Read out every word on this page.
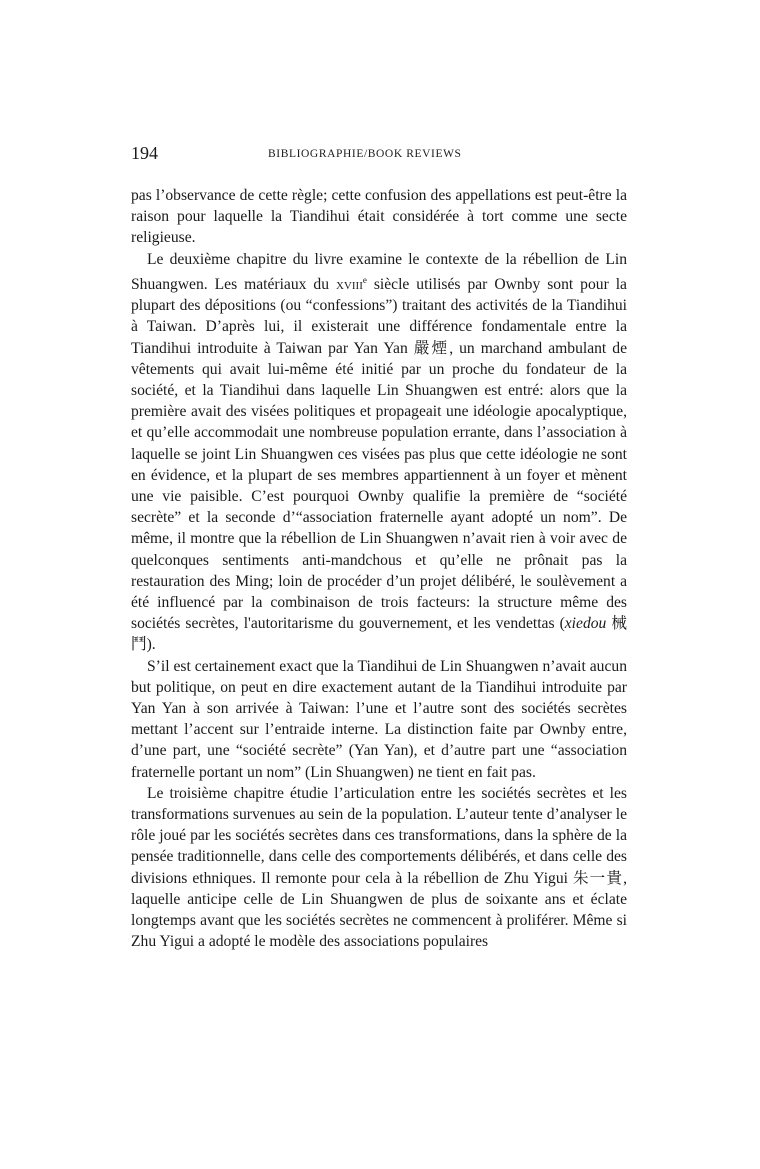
194	BIBLIOGRAPHIE/BOOK REVIEWS

pas l’observance de cette règle; cette confusion des appellations est peut-être la raison pour laquelle la Tiandihui était considérée à tort comme une secte religieuse.

Le deuxième chapitre du livre examine le contexte de la rébellion de Lin Shuangwen. Les matériaux du xviii$^e$ siècle utilisés par Ownby sont pour la plupart des dépositions (ou “confessions”) traitant des activités de la Tiandihui à Taiwan. D’après lui, il existerait une différence fondamentale entre la Tiandihui introduite à Taiwan par Yan Yan 嚴煙, un marchand ambulant de vêtements qui avait lui-même été initié par un proche du fondateur de la société, et la Tiandihui dans laquelle Lin Shuangwen est entré: alors que la première avait des visées politiques et propageait une idéologie apocalyptique, et qu’elle accommodait une nombreuse population errante, dans l’association à laquelle se joint Lin Shuangwen ces visées pas plus que cette idéologie ne sont en évidence, et la plupart de ses membres appartiennent à un foyer et mènent une vie paisible. C’est pourquoi Ownby qualifie la première de “société secrète” et la seconde d’“association fraternelle ayant adopté un nom”. De même, il montre que la rébellion de Lin Shuangwen n’avait rien à voir avec de quelconques sentiments anti-mandchous et qu’elle ne prônait pas la restauration des Ming; loin de procéder d’un projet délibéré, le soulèvement a été influencé par la combinaison de trois facteurs: la structure même des sociétés secrètes, l'autoritarisme du gouvernement, et les vendettas (xiedou 械鬥).

S’il est certainement exact que la Tiandihui de Lin Shuangwen n’avait aucun but politique, on peut en dire exactement autant de la Tiandihui introduite par Yan Yan à son arrivée à Taiwan: l’une et l’autre sont des sociétés secrètes mettant l’accent sur l’entraide interne. La distinction faite par Ownby entre, d’une part, une “société secrète” (Yan Yan), et d’autre part une “association fraternelle portant un nom” (Lin Shuangwen) ne tient en fait pas.

Le troisième chapitre étudie l’articulation entre les sociétés secrètes et les transformations survenues au sein de la population. L’auteur tente d’analyser le rôle joué par les sociétés secrètes dans ces transformations, dans la sphère de la pensée traditionnelle, dans celle des comportements délibérés, et dans celle des divisions ethniques. Il remonte pour cela à la rébellion de Zhu Yigui 朱一貴, laquelle anticipe celle de Lin Shuangwen de plus de soixante ans et éclate longtemps avant que les sociétés secrètes ne commencent à proliférer. Même si Zhu Yigui a adopté le modèle des associations populaires
